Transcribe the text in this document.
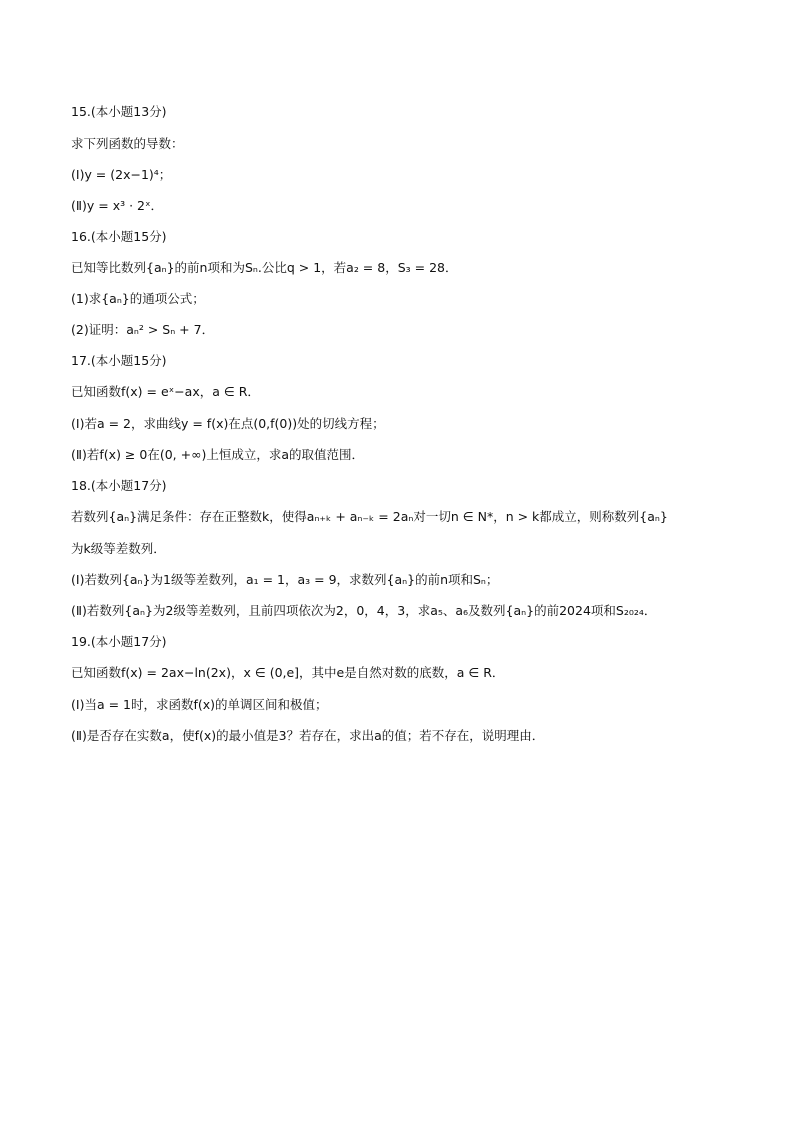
15.(本小题13分)
求下列函数的导数：
(Ⅰ)y = (2x−1)⁴；
(Ⅱ)y = x³ · 2ˣ．
16.(本小题15分)
已知等比数列{aₙ}的前n项和为Sₙ.公比q > 1，若a₂ = 8，S₃ = 28．
(1)求{aₙ}的通项公式；
(2)证明：aₙ² > Sₙ + 7．
17.(本小题15分)
已知函数f(x) = eˣ−ax，a ∈ R．
(Ⅰ)若a = 2，求曲线y = f(x)在点(0,f(0))处的切线方程；
(Ⅱ)若f(x) ≥ 0在(0, +∞)上恒成立，求a的取值范围．
18.(本小题17分)
若数列{aₙ}满足条件：存在正整数k，使得aₙ₊ₖ + aₙ₋ₖ = 2aₙ对一切n ∈ N*，n > k都成立，则称数列{aₙ}
为k级等差数列．
(Ⅰ)若数列{aₙ}为1级等差数列，a₁ = 1，a₃ = 9，求数列{aₙ}的前n项和Sₙ；
(Ⅱ)若数列{aₙ}为2级等差数列，且前四项依次为2，0，4，3，求a₅、a₆及数列{aₙ}的前2024项和S₂₀₂₄．
19.(本小题17分)
已知函数f(x) = 2ax−ln(2x)，x ∈ (0,e]，其中e是自然对数的底数，a ∈ R．
(Ⅰ)当a = 1时，求函数f(x)的单调区间和极值；
(Ⅱ)是否存在实数a，使f(x)的最小值是3？若存在，求出a的值；若不存在，说明理由．
